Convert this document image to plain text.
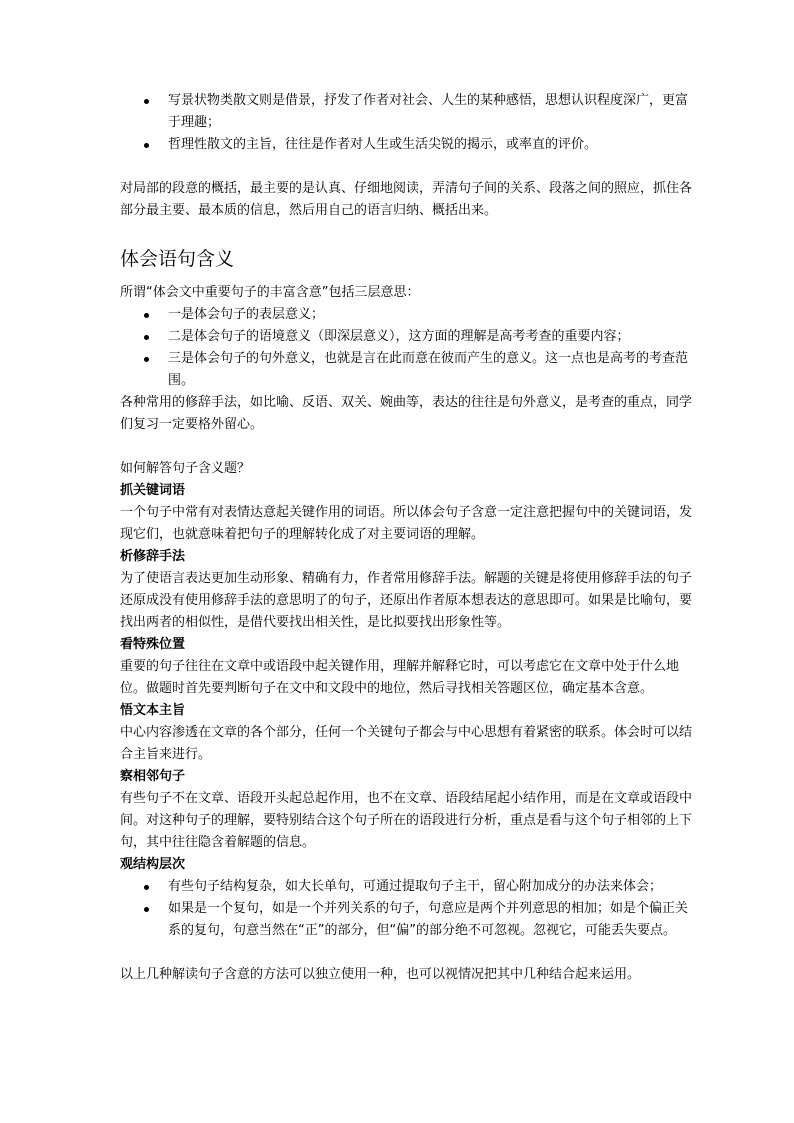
写景状物类散文则是借景，抒发了作者对社会、人生的某种感悟，思想认识程度深广，更富于理趣；
哲理性散文的主旨，往往是作者对人生或生活尖锐的揭示，或率直的评价。

对局部的段意的概括，最主要的是认真、仔细地阅读，弄清句子间的关系、段落之间的照应，抓住各部分最主要、最本质的信息，然后用自己的语言归纳、概括出来。

体会语句含义

所谓“体会文中重要句子的丰富含意”包括三层意思：

一是体会句子的表层意义；
二是体会句子的语境意义（即深层意义），这方面的理解是高考考查的重要内容；
三是体会句子的句外意义，也就是言在此而意在彼而产生的意义。这一点也是高考的考查范围。

各种常用的修辞手法，如比喻、反语、双关、婉曲等，表达的往往是句外意义，是考查的重点，同学们复习一定要格外留心。

如何解答句子含义题？

抓关键词语

一个句子中常有对表情达意起关键作用的词语。所以体会句子含意一定注意把握句中的关键词语，发现它们，也就意味着把句子的理解转化成了对主要词语的理解。

析修辞手法

为了使语言表达更加生动形象、精确有力，作者常用修辞手法。解题的关键是将使用修辞手法的句子还原成没有使用修辞手法的意思明了的句子，还原出作者原本想表达的意思即可。如果是比喻句，要找出两者的相似性，是借代要找出相关性，是比拟要找出形象性等。

看特殊位置

重要的句子往往在文章中或语段中起关键作用，理解并解释它时，可以考虑它在文章中处于什么地位。做题时首先要判断句子在文中和文段中的地位，然后寻找相关答题区位，确定基本含意。

悟文本主旨

中心内容渗透在文章的各个部分，任何一个关键句子都会与中心思想有着紧密的联系。体会时可以结合主旨来进行。

察相邻句子

有些句子不在文章、语段开头起总起作用，也不在文章、语段结尾起小结作用，而是在文章或语段中间。对这种句子的理解，要特别结合这个句子所在的语段进行分析，重点是看与这个句子相邻的上下句，其中往往隐含着解题的信息。

观结构层次

有些句子结构复杂，如大长单句，可通过提取句子主干，留心附加成分的办法来体会；
如果是一个复句，如是一个并列关系的句子，句意应是两个并列意思的相加；如是个偏正关系的复句，句意当然在“正”的部分，但“偏”的部分绝不可忽视。忽视它，可能丢失要点。

以上几种解读句子含意的方法可以独立使用一种，也可以视情况把其中几种结合起来运用。
